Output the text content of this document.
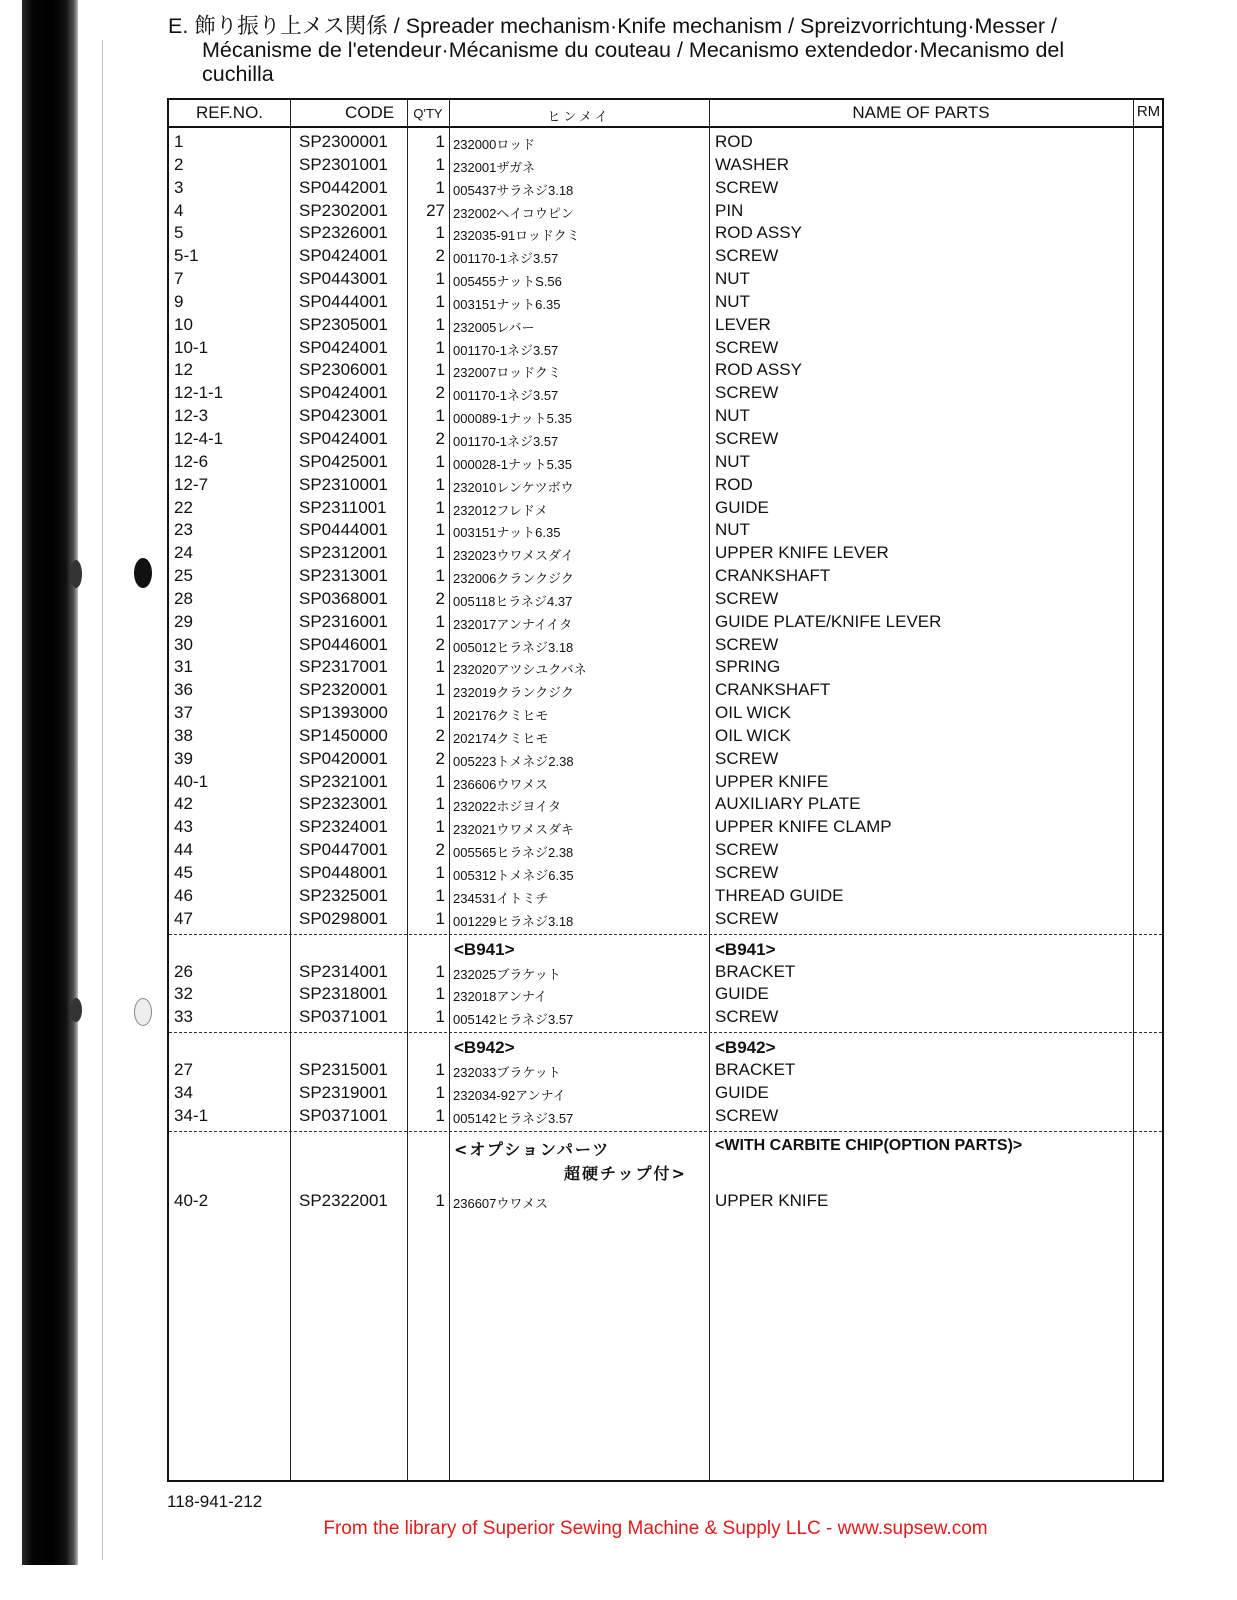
E. 飾り振り上メス関係 / Spreader mechanism·Knife mechanism / Spreizvorrichtung·Messer /
Mécanisme de l'etendeur·Mécanisme du couteau / Mecanismo extendedor·Mecanismo del
cuchilla
REF.NO.	CODE	Q'TY	ヒンメイ	NAME OF PARTS	RM
1	SP2300001	1 232000ロッド	ROD
2	SP2301001	1 232001ザガネ	WASHER
3	SP0442001	1 005437サラネジ3.18	SCREW
4	SP2302001	27 232002ヘイコウピン	PIN
5	SP2326001	1 232035-91ロッドクミ	ROD ASSY
5-1	SP0424001	2 001170-1ネジ3.57	SCREW
7	SP0443001	1 005455ナットS.56	NUT
9	SP0444001	1 003151ナット6.35	NUT
10	SP2305001	1 232005レバー	LEVER
10-1	SP0424001	1 001170-1ネジ3.57	SCREW
12	SP2306001	1 232007ロッドクミ	ROD ASSY
12-1-1	SP0424001	2 001170-1ネジ3.57	SCREW
12-3	SP0423001	1 000089-1ナット5.35	NUT
12-4-1	SP0424001	2 001170-1ネジ3.57	SCREW
12-6	SP0425001	1 000028-1ナット5.35	NUT
12-7	SP2310001	1 232010レンケツボウ	ROD
22	SP2311001	1 232012フレドメ	GUIDE
23	SP0444001	1 003151ナット6.35	NUT
24	SP2312001	1 232023ウワメスダイ	UPPER KNIFE LEVER
25	SP2313001	1 232006クランクジク	CRANKSHAFT
28	SP0368001	2 005118ヒラネジ4.37	SCREW
29	SP2316001	1 232017アンナイイタ	GUIDE PLATE/KNIFE LEVER
30	SP0446001	2 005012ヒラネジ3.18	SCREW
31	SP2317001	1 232020アツシユクバネ	SPRING
36	SP2320001	1 232019クランクジク	CRANKSHAFT
37	SP1393000	1 202176クミヒモ	OIL WICK
38	SP1450000	2 202174クミヒモ	OIL WICK
39	SP0420001	2 005223トメネジ2.38	SCREW
40-1	SP2321001	1 236606ウワメス	UPPER KNIFE
42	SP2323001	1 232022ホジヨイタ	AUXILIARY PLATE
43	SP2324001	1 232021ウワメスダキ	UPPER KNIFE CLAMP
44	SP0447001	2 005565ヒラネジ2.38	SCREW
45	SP0448001	1 005312トメネジ6.35	SCREW
46	SP2325001	1 234531イトミチ	THREAD GUIDE
47	SP0298001	1 001229ヒラネジ3.18	SCREW
<B941>	<B941>
26	SP2314001	1 232025ブラケット	BRACKET
32	SP2318001	1 232018アンナイ	GUIDE
33	SP0371001	1 005142ヒラネジ3.57	SCREW
<B942>	<B942>
27	SP2315001	1 232033ブラケット	BRACKET
34	SP2319001	1 232034-92アンナイ	GUIDE
34-1	SP0371001	1 005142ヒラネジ3.57	SCREW
<オプションパーツ
超硬チップ付>
<WITH CARBITE CHIP(OPTION PARTS)>
40-2	SP2322001	1 236607ウワメス	UPPER KNIFE
118-941-212
From the library of Superior Sewing Machine & Supply LLC - www.supsew.com
